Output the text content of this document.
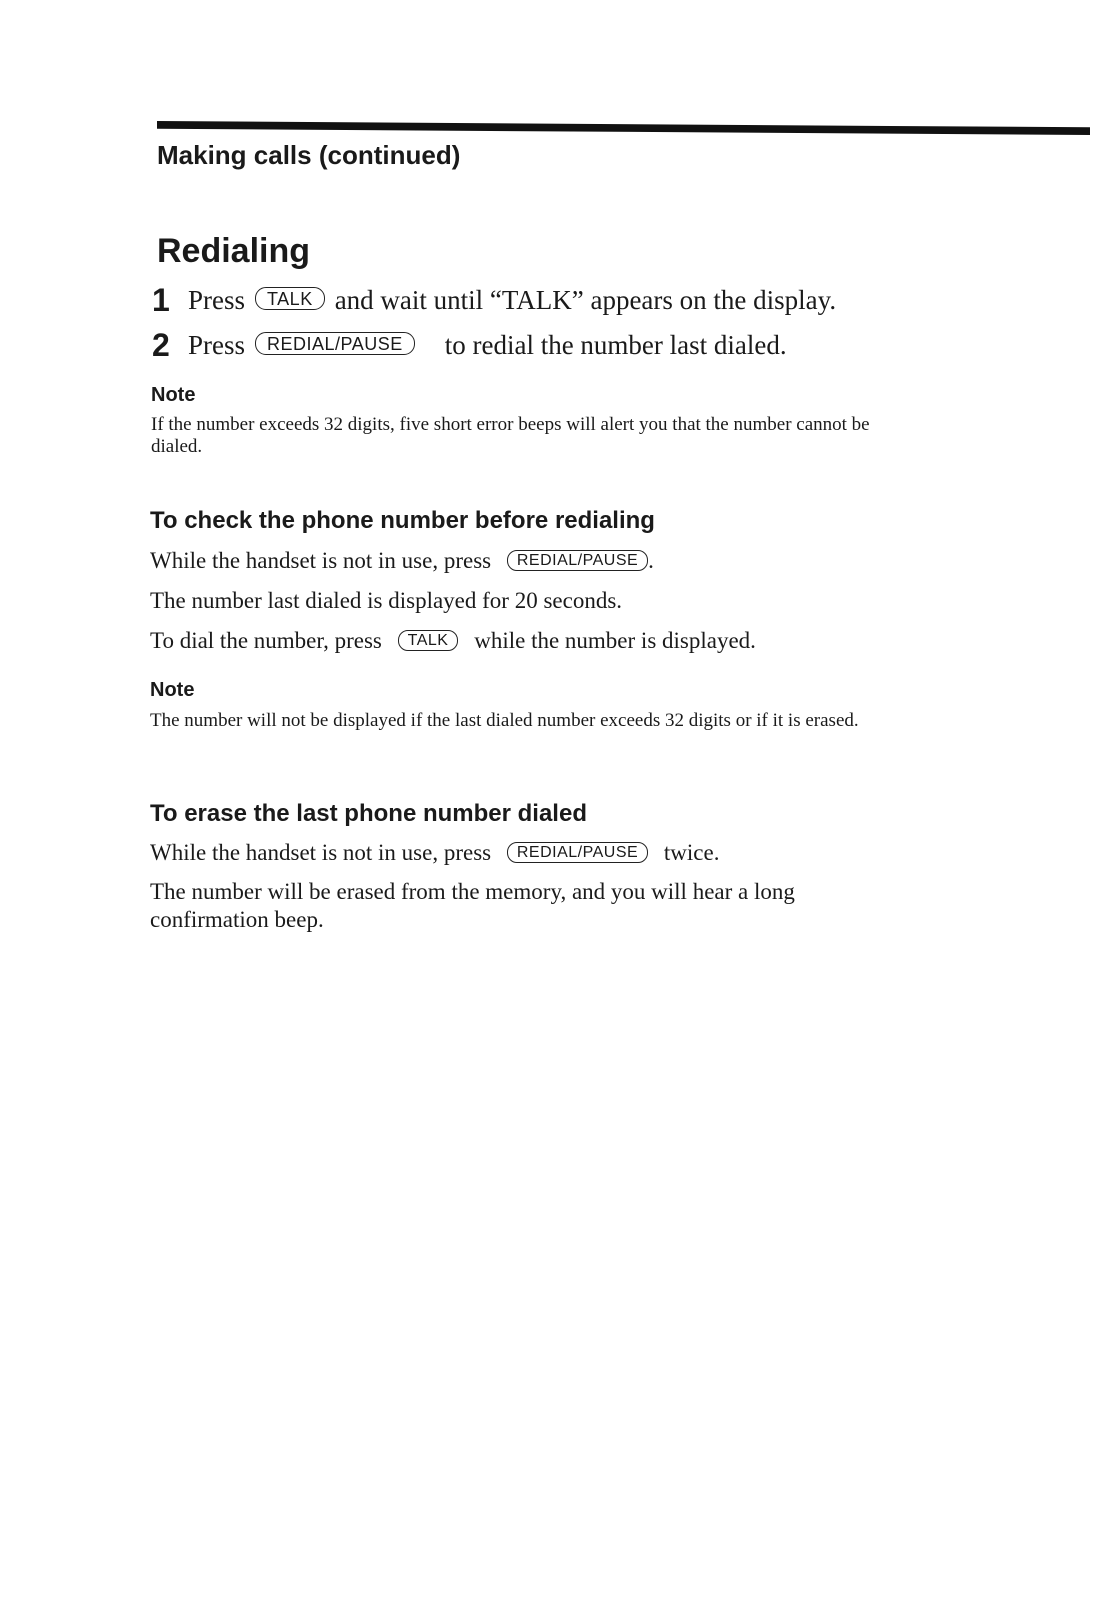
Making calls (continued)
Redialing
1 Press	TALK and wait until “TALK” appears on the display.
2 Press	REDIAL/PAUSE	to redial the number last dialed.
Note
If the number exceeds 32 digits, five short error beeps will alert you that the number cannot be dialed.
To check the phone number before redialing
While the handset is not in use, press REDIAL/PAUSE .
The number last dialed is displayed for 20 seconds.
To dial the number, press TALK while the number is displayed.
Note
The number will not be displayed if the last dialed number exceeds 32 digits or if it is erased.
To erase the last phone number dialed
While the handset is not in use, press REDIAL/PAUSE twice.
The number will be erased from the memory, and you will hear a long confirmation beep.
